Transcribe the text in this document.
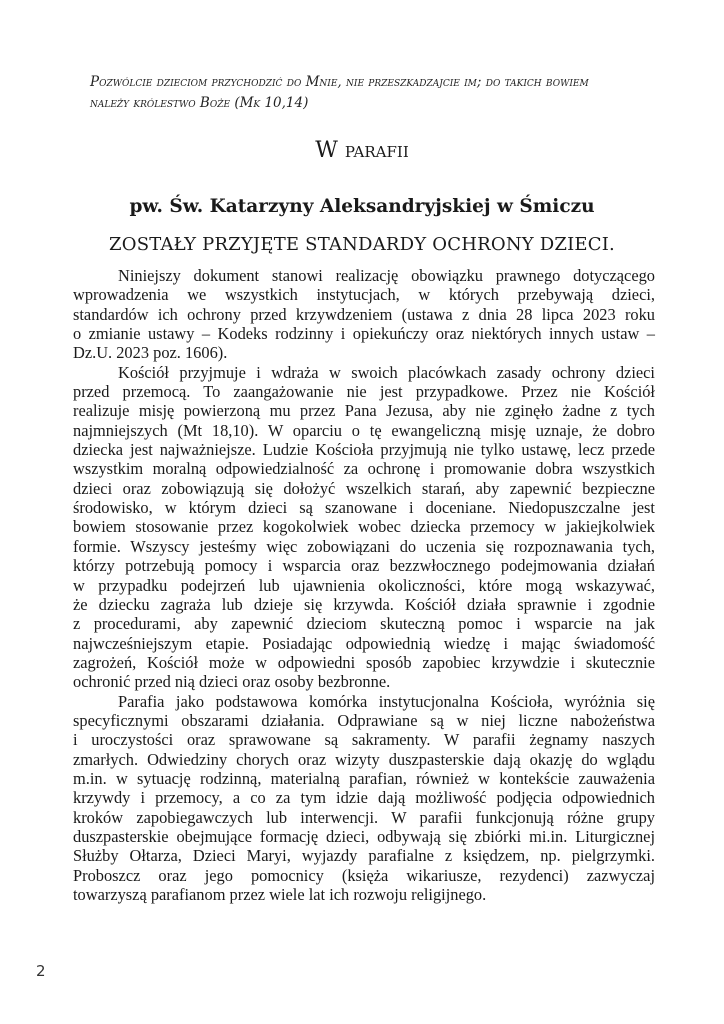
Pozwólcie dzieciom przychodzić do Mnie, nie przeszkadzajcie im; do takich bowiem
należy królestwo Boże (Mk 10,14)
W parafii
pw. Św. Katarzyny Aleksandryjskiej w Śmiczu
ZOSTAŁY PRZYJĘTE STANDARDY OCHRONY DZIECI.
Niniejszy dokument stanowi realizację obowiązku prawnego dotyczącego
wprowadzenia we wszystkich instytucjach, w których przebywają dzieci,
standardów ich ochrony przed krzywdzeniem (ustawa z dnia 28 lipca 2023 roku
o zmianie ustawy – Kodeks rodzinny i opiekuńczy oraz niektórych innych ustaw –
Dz.U. 2023 poz. 1606).
Kościół przyjmuje i wdraża w swoich placówkach zasady ochrony dzieci
przed przemocą. To zaangażowanie nie jest przypadkowe. Przez nie Kościół
realizuje misję powierzoną mu przez Pana Jezusa, aby nie zginęło żadne z tych
najmniejszych (Mt 18,10). W oparciu o tę ewangeliczną misję uznaje, że dobro
dziecka jest najważniejsze. Ludzie Kościoła przyjmują nie tylko ustawę, lecz przede
wszystkim moralną odpowiedzialność za ochronę i promowanie dobra wszystkich
dzieci oraz zobowiązują się dołożyć wszelkich starań, aby zapewnić bezpieczne
środowisko, w którym dzieci są szanowane i doceniane. Niedopuszczalne jest
bowiem stosowanie przez kogokolwiek wobec dziecka przemocy w jakiejkolwiek
formie. Wszyscy jesteśmy więc zobowiązani do uczenia się rozpoznawania tych,
którzy potrzebują pomocy i wsparcia oraz bezzwłocznego podejmowania działań
w przypadku podejrzeń lub ujawnienia okoliczności, które mogą wskazywać,
że dziecku zagraża lub dzieje się krzywda. Kościół działa sprawnie i zgodnie
z procedurami, aby zapewnić dzieciom skuteczną pomoc i wsparcie na jak
najwcześniejszym etapie. Posiadając odpowiednią wiedzę i mając świadomość
zagrożeń, Kościół może w odpowiedni sposób zapobiec krzywdzie i skutecznie
ochronić przed nią dzieci oraz osoby bezbronne.
Parafia jako podstawowa komórka instytucjonalna Kościoła, wyróżnia się
specyficznymi obszarami działania. Odprawiane są w niej liczne nabożeństwa
i uroczystości oraz sprawowane są sakramenty. W parafii żegnamy naszych
zmarłych. Odwiedziny chorych oraz wizyty duszpasterskie dają okazję do wglądu
m.in. w sytuację rodzinną, materialną parafian, również w kontekście zauważenia
krzywdy i przemocy, a co za tym idzie dają możliwość podjęcia odpowiednich
kroków zapobiegawczych lub interwencji. W parafii funkcjonują różne grupy
duszpasterskie obejmujące formację dzieci, odbywają się zbiórki mi.in. Liturgicznej
Służby Ołtarza, Dzieci Maryi, wyjazdy parafialne z księdzem, np. pielgrzymki.
Proboszcz oraz jego pomocnicy (księża wikariusze, rezydenci) zazwyczaj
towarzyszą parafianom przez wiele lat ich rozwoju religijnego.
2
